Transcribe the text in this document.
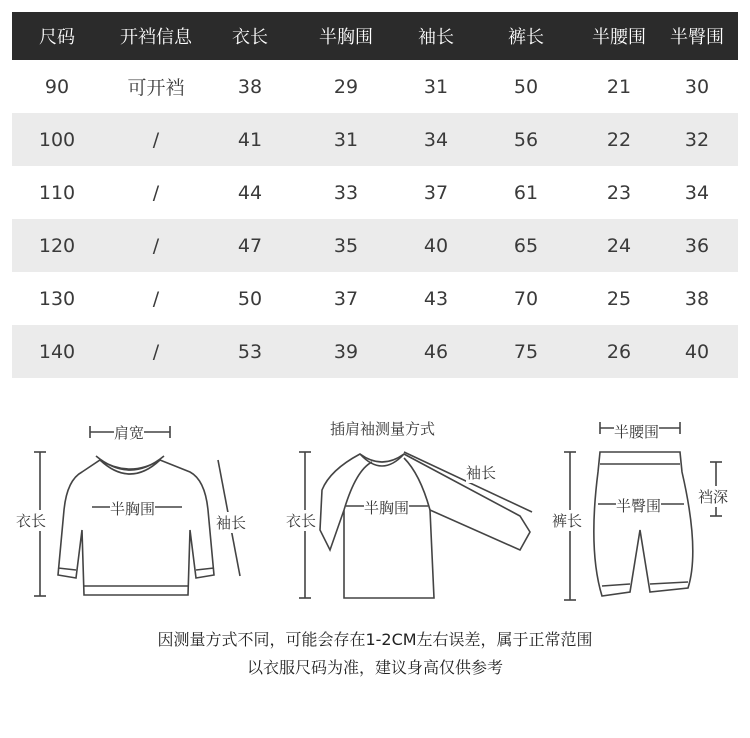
尺码	开裆信息	衣长	半胸围	袖长	裤长	半腰围	半臀围
90	可开裆	38	29	31	50	21	30
100	/	41	31	34	56	22	32
110	/	44	33	37	61	23	34
120	/	47	35	40	65	24	36
130	/	50	37	43	70	25	38
140	/	53	39	46	75	26	40
肩宽
衣长
半胸围
袖长
插肩袖测量方式
衣长
半胸围
袖长
半腰围
裤长
半臀围 裆深
因测量方式不同，可能会存在1-2CM左右误差，属于正常范围
以衣服尺码为准，建议身高仅供参考
